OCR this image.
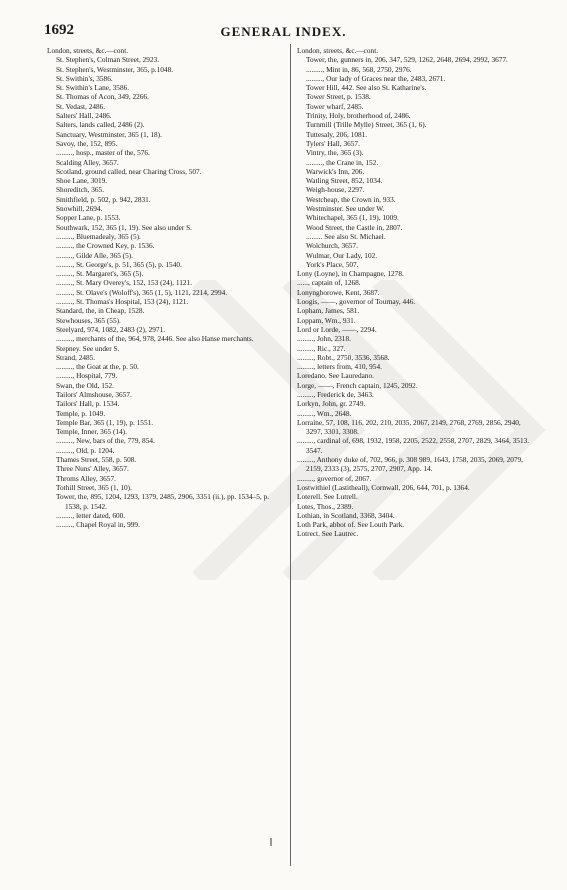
1692	GENERAL INDEX.

London, streets, &c.—cont.

St. Stephen's, Colman Street, 2923.

St. Stephen's, Westminster, 365, p.1048.

St. Swithin's, 3586.

St. Swithin's Lane, 3586.

St. Thomas of Acon, 349, 2266.

St. Vedast, 2486.

Salters' Hall, 2486.

Salters, lands called, 2486 (2).

Sanctuary, Westminster, 365 (1, 18).

Savoy, the, 152, 895.

........., hosp., master of the, 576.

Scalding Alley, 3657.

Scotland, ground called, near Charing Cross, 507.

Shoe Lane, 3019.

Shoreditch, 365.

Smithfield, p. 502, p. 942, 2831.

Snowhill, 2694.

Sopper Lane, p. 1553.

Southwark, 152, 365 (1, 19). See also under S.

........., Bluemadealy, 365 (5).

........., the Crowned Key, p. 1536.

........., Gilde Alle, 365 (5).

........., St. George's, p. 51, 365 (5), p. 1540.

........., St. Margaret's, 365 (5).

........., St. Mary Overey's, 152, 153 (24), 1121.

........., St. Olave's (Woloff's), 365 (1, 5), 1121, 2214, 2994.

........., St. Thomas's Hospital, 153 (24), 1121.

Standard, the, in Cheap, 1528.

Stewhouses, 365 (55).

Steelyard, 974, 1082, 2483 (2), 2971.

........., merchants of the, 964, 978, 2446. See also Hanse merchants.

Stepney. See under S.

Strand, 2485.

........., the Goat at the, p. 50.

........., Hospital, 779.

Swan, the Old, 152.

Tailors' Almshouse, 3657.

Tailors' Hall, p. 1534.

Temple, p. 1049.

Temple Bar, 365 (1, 19), p. 1551.

Temple, Inner, 365 (14).

........., New, bars of the, 779, 854.

........., Old, p. 1204.

Thames Street, 558, p. 508.

Three Nuns' Alley, 3657.

Throms Alley, 3657.

Tothill Street, 365 (1, 10).

Tower, the, 895, 1204, 1293, 1379, 2485, 2906, 3351 (ii.), pp. 1534–5, p. 1538, p. 1542.

........., letter dated, 600.

........., Chapel Royal in, 999.

London, streets, &c.—cont.

Tower, the, gunners in, 206, 347, 529, 1262, 2648, 2694, 2992, 3677.

........., Mint in, 86, 568, 2750, 2976.

........., Our lady of Graces near the, 2483, 2671.

Tower Hill, 442. See also St. Katharine's.

Tower Street, p. 1538.

Tower wharf, 2485.

Trinity, Holy, brotherhood of, 2486.

Turnmill (Trille Mylle) Street, 365 (1, 6).

Tuttesaly, 206, 1081.

Tylers' Hall, 3657.

Vintry, the, 365 (3).

........., the Crane in, 152.

Warwick's Inn, 206.

Watling Street, 852, 1034.

Weigh-house, 2297.

Westcheap, the Crown in, 933.

Westminster. See under W.

Whitechapel, 365 (1, 19), 1009.

Wood Street, the Castle in, 2807.

......... See also St. Michael.

Wolchurch, 3657.

Wulmar, Our Lady, 102.

York's Place, 507.

Lony (Loyne), in Champagne, 1278.

......, captain of, 1268.

Lonyngborowe, Kent, 3687.

Loogis, ——, governor of Tournay, 446.

Lopham, James, 581.

Loppam, Wm., 931.

Lord or Lorde, ——, 2294.

........., John, 2318.

........., Ric., 327.

........., Robt., 2750, 3536, 3568.

........., letters from, 410, 954.

Loredano. See Lauredano.

Lorge, ——, French captain, 1245, 2092.

........., Frederick de, 3463.

Lorkyn, John, gr. 2749.

........., Wm., 2648.

Lorraine, 57, 108, 116, 202, 210, 2035, 2067, 2149, 2768, 2769, 2856, 2940, 3297, 3301, 3308.

........., cardinal of, 698, 1932, 1958, 2205, 2522, 2558, 2707, 2829, 3464, 3513. 3547.

........., Anthony duke of, 702, 966, p. 308 989, 1643, 1758, 2035, 2069, 2079, 2159, 2333 (3), 2575, 2707, 2907, App. 14.

........., governor of, 2067.

Lostwithiel (Lastitheall), Cornwall, 206, 644, 701, p. 1364.

Loterell. See Lutrell.

Lotes, Thos., 2389.

Lothian, in Scotland, 3368, 3404.

Loth Park, abbot of. See Louth Park.

Lotrect. See Lautrec.
